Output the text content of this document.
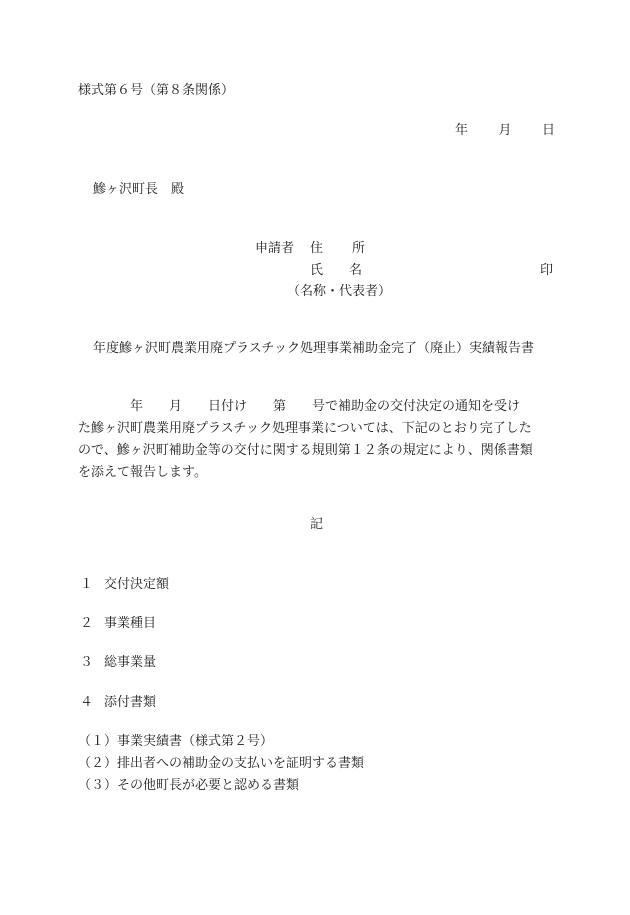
様式第６号（第８条関係）
年 月 日
鰺ヶ沢町長　殿
申請者 住　　所
氏　　名	印
（名称・代表者）
年度鰺ヶ沢町農業用廃プラスチック処理事業補助金完了（廃止）実績報告書
　　　　年　　月　　日付け　　第　　号で補助金の交付決定の通知を受け
た鰺ヶ沢町農業用廃プラスチック処理事業については、下記のとおり完了した
ので、鰺ヶ沢町補助金等の交付に関する規則第１２条の規定により、関係書類
を添えて報告します。
記
１ 交付決定額
２ 事業種目
３ 総事業量
４ 添付書類
（１）事業実績書（様式第２号）
（２）排出者への補助金の支払いを証明する書類
（３）その他町長が必要と認める書類
